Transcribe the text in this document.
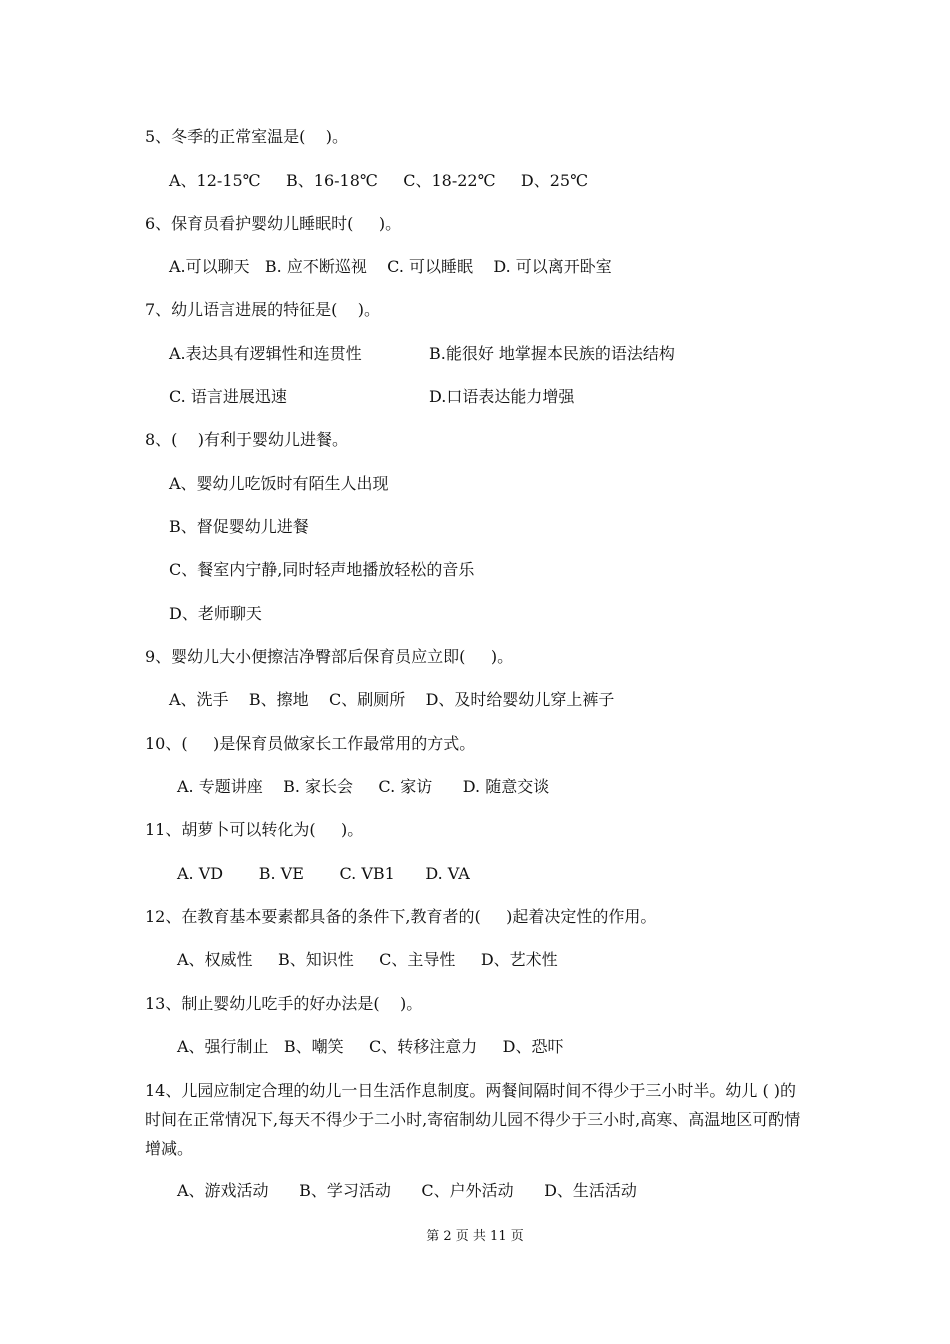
5、冬季的正常室温是(    )。
A、12-15℃     B、16-18℃     C、18-22℃     D、25℃
6、保育员看护婴幼儿睡眠时(     )。
A.可以聊天   B. 应不断巡视    C. 可以睡眠    D. 可以离开卧室
7、幼儿语言进展的特征是(    )。
A.表达具有逻辑性和连贯性	B.能很好 地掌握本民族的语法结构
C. 语言进展迅速	D.口语表达能力增强
8、(    )有利于婴幼儿进餐。
A、婴幼儿吃饭时有陌生人出现
B、督促婴幼儿进餐
C、餐室内宁静,同时轻声地播放轻松的音乐
D、老师聊天
9、婴幼儿大小便擦洁净臀部后保育员应立即(     )。
A、洗手    B、擦地    C、刷厕所    D、及时给婴幼儿穿上裤子
10、(     )是保育员做家长工作最常用的方式。
A. 专题讲座    B. 家长会     C. 家访      D. 随意交谈
11、胡萝卜可以转化为(     )。
A. VD       B. VE       C. VB1      D. VA
12、在教育基本要素都具备的条件下,教育者的(     )起着决定性的作用。
A、权威性     B、知识性     C、主导性     D、艺术性
13、制止婴幼儿吃手的好办法是(    )。
A、强行制止   B、嘲笑     C、转移注意力     D、恐吓
14、儿园应制定合理的幼儿一日生活作息制度。两餐间隔时间不得少于三小时半。幼儿 ( )的时间在正常情况下,每天不得少于二小时,寄宿制幼儿园不得少于三小时,高寒、高温地区可酌情增减。
A、游戏活动      B、学习活动      C、户外活动      D、生活活动
第 2 页 共 11 页
